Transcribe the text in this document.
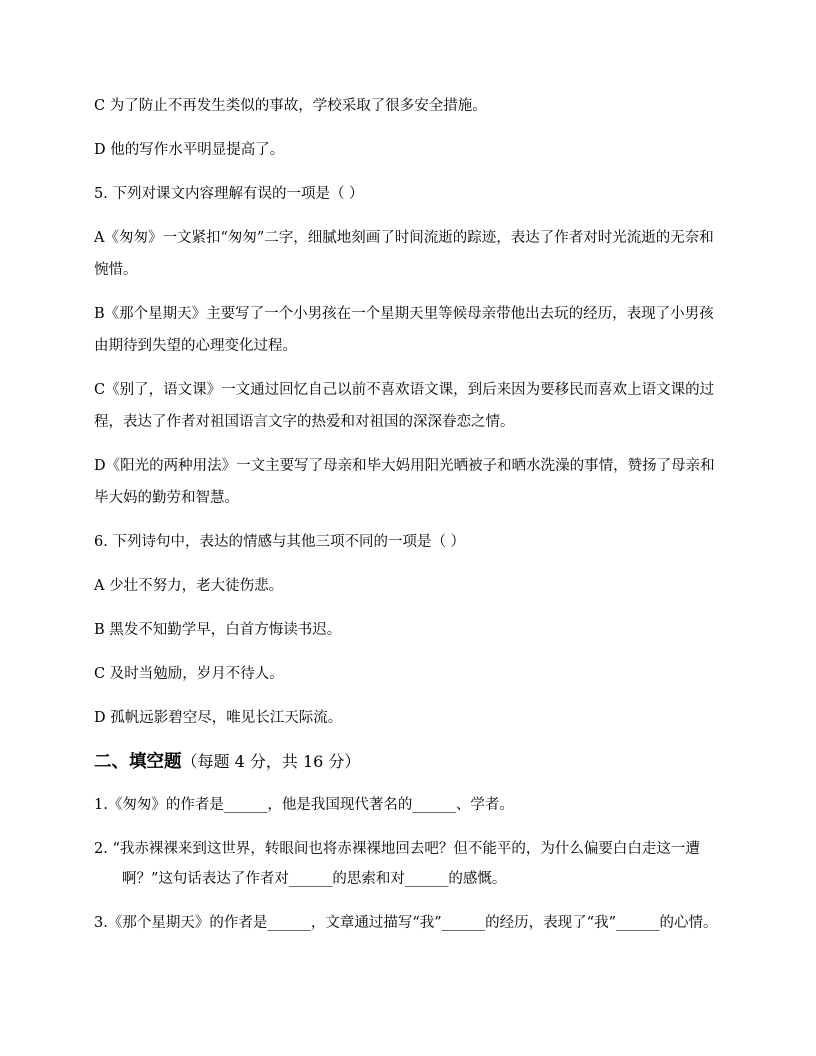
C 为了防止不再发生类似的事故，学校采取了很多安全措施。

D 他的写作水平明显提高了。

5. 下列对课文内容理解有误的一项是（ ）

A《匆匆》一文紧扣“匆匆”二字，细腻地刻画了时间流逝的踪迹，表达了作者对时光流逝的无奈和惋惜。

B《那个星期天》主要写了一个小男孩在一个星期天里等候母亲带他出去玩的经历，表现了小男孩由期待到失望的心理变化过程。

C《别了，语文课》一文通过回忆自己以前不喜欢语文课，到后来因为要移民而喜欢上语文课的过程，表达了作者对祖国语言文字的热爱和对祖国的深深眷恋之情。

D《阳光的两种用法》一文主要写了母亲和毕大妈用阳光晒被子和晒水洗澡的事情，赞扬了母亲和毕大妈的勤劳和智慧。

6. 下列诗句中，表达的情感与其他三项不同的一项是（ ）

A 少壮不努力，老大徒伤悲。

B 黑发不知勤学早，白首方悔读书迟。

C 及时当勉励，岁月不待人。

D 孤帆远影碧空尽，唯见长江天际流。

二、填空题（每题 4 分，共 16 分）

1.《匆匆》的作者是______，他是我国现代著名的______、学者。

2. “我赤裸裸来到这世界，转眼间也将赤裸裸地回去吧？但不能平的，为什么偏要白白走这一遭啊？”这句话表达了作者对______的思索和对______的感慨。

3.《那个星期天》的作者是______，文章通过描写“我”______的经历，表现了“我”______的心情。
